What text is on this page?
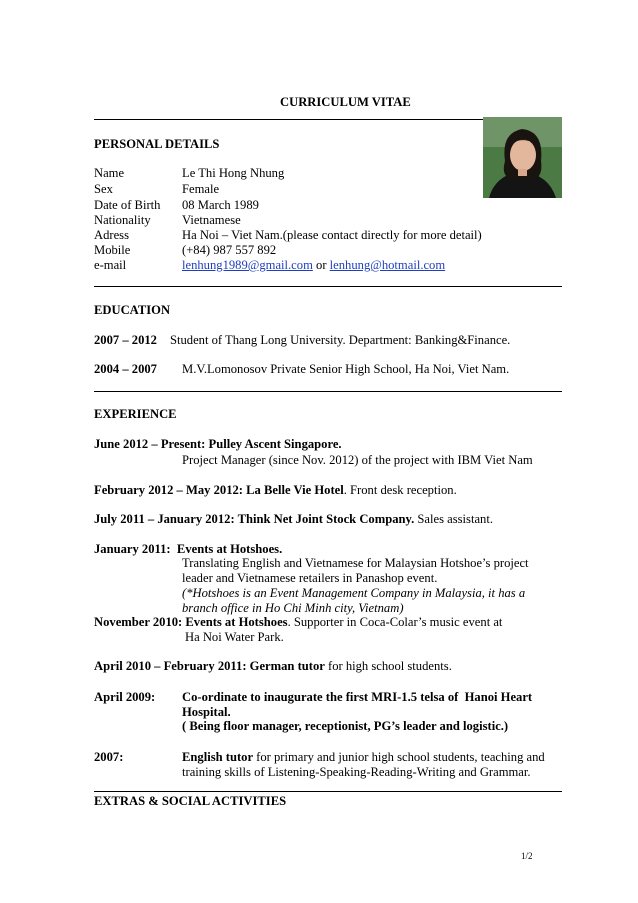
CURRICULUM VITAE
PERSONAL DETAILS
Name	Le Thi Hong Nhung
Sex	Female
Date of Birth 08 March 1989
Nationality Vietnamese
Adress	Ha Noi – Viet Nam.(please contact directly for more detail)
Mobile	(+84) 987 557 892
e-mail	lenhung1989@gmail.com or lenhung@hotmail.com
EDUCATION
2007 – 2012 Student of Thang Long University. Department: Banking&Finance.
2004 – 2007 M.V.Lomonosov Private Senior High School, Ha Noi, Viet Nam.
EXPERIENCE
June 2012 – Present: Pulley Ascent Singapore.
Project Manager (since Nov. 2012) of the project with IBM Viet Nam
February 2012 – May 2012: La Belle Vie Hotel. Front desk reception.
July 2011 – January 2012: Think Net Joint Stock Company. Sales assistant.
January 2011:  Events at Hotshoes.
Translating English and Vietnamese for Malaysian Hotshoe’s project
leader and Vietnamese retailers in Panashop event.
(*Hotshoes is an Event Management Company in Malaysia, it has a
branch office in Ho Chi Minh city, Vietnam)
November 2010: Events at Hotshoes. Supporter in Coca-Colar’s music event at
Ha Noi Water Park.
April 2010 – February 2011: German tutor for high school students.
April 2009: Co-ordinate to inaugurate the first MRI-1.5 telsa of  Hanoi Heart
Hospital.
( Being floor manager, receptionist, PG’s leader and logistic.)
2007:	English tutor for primary and junior high school students, teaching and
training skills of Listening-Speaking-Reading-Writing and Grammar.
EXTRAS & SOCIAL ACTIVITIES
1/2
